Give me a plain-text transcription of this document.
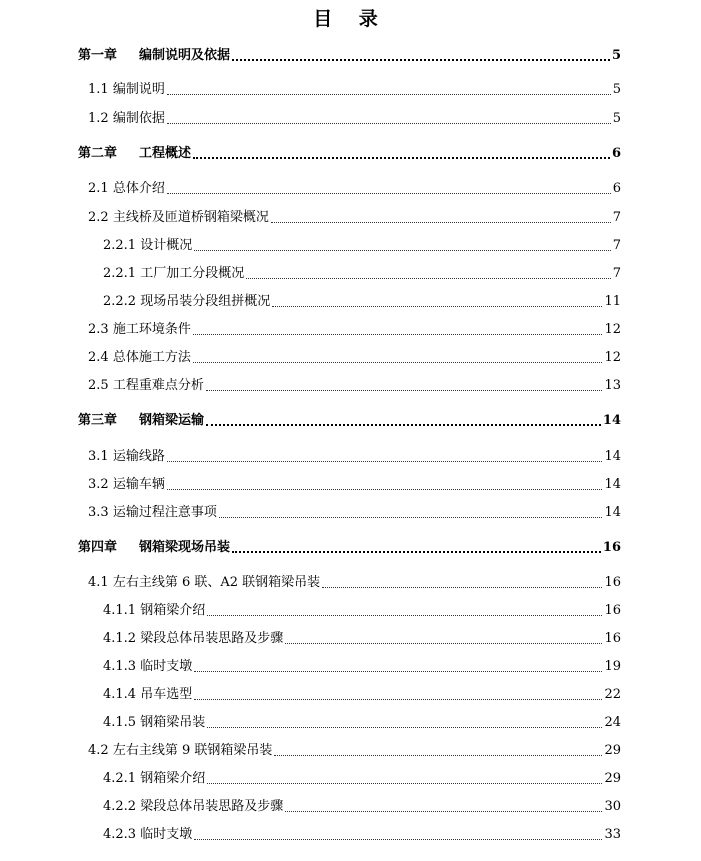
目 录
第一章 编制说明及依据	5
1.1 编制说明	5
1.2 编制依据	5
第二章 工程概述	6
2.1 总体介绍	6
2.2 主线桥及匝道桥钢箱梁概况	7
2.2.1 设计概况	7
2.2.1 工厂加工分段概况	7
2.2.2 现场吊装分段组拼概况	11
2.3 施工环境条件	12
2.4 总体施工方法	12
2.5 工程重难点分析	13
第三章 钢箱梁运输	14
3.1 运输线路	14
3.2 运输车辆	14
3.3 运输过程注意事项	14
第四章 钢箱梁现场吊装	16
4.1 左右主线第 6 联、A2 联钢箱梁吊装	16
4.1.1 钢箱梁介绍	16
4.1.2 梁段总体吊装思路及步骤	16
4.1.3 临时支墩	19
4.1.4 吊车选型	22
4.1.5 钢箱梁吊装	24
4.2 左右主线第 9 联钢箱梁吊装	29
4.2.1 钢箱梁介绍	29
4.2.2 梁段总体吊装思路及步骤	30
4.2.3 临时支墩	33
